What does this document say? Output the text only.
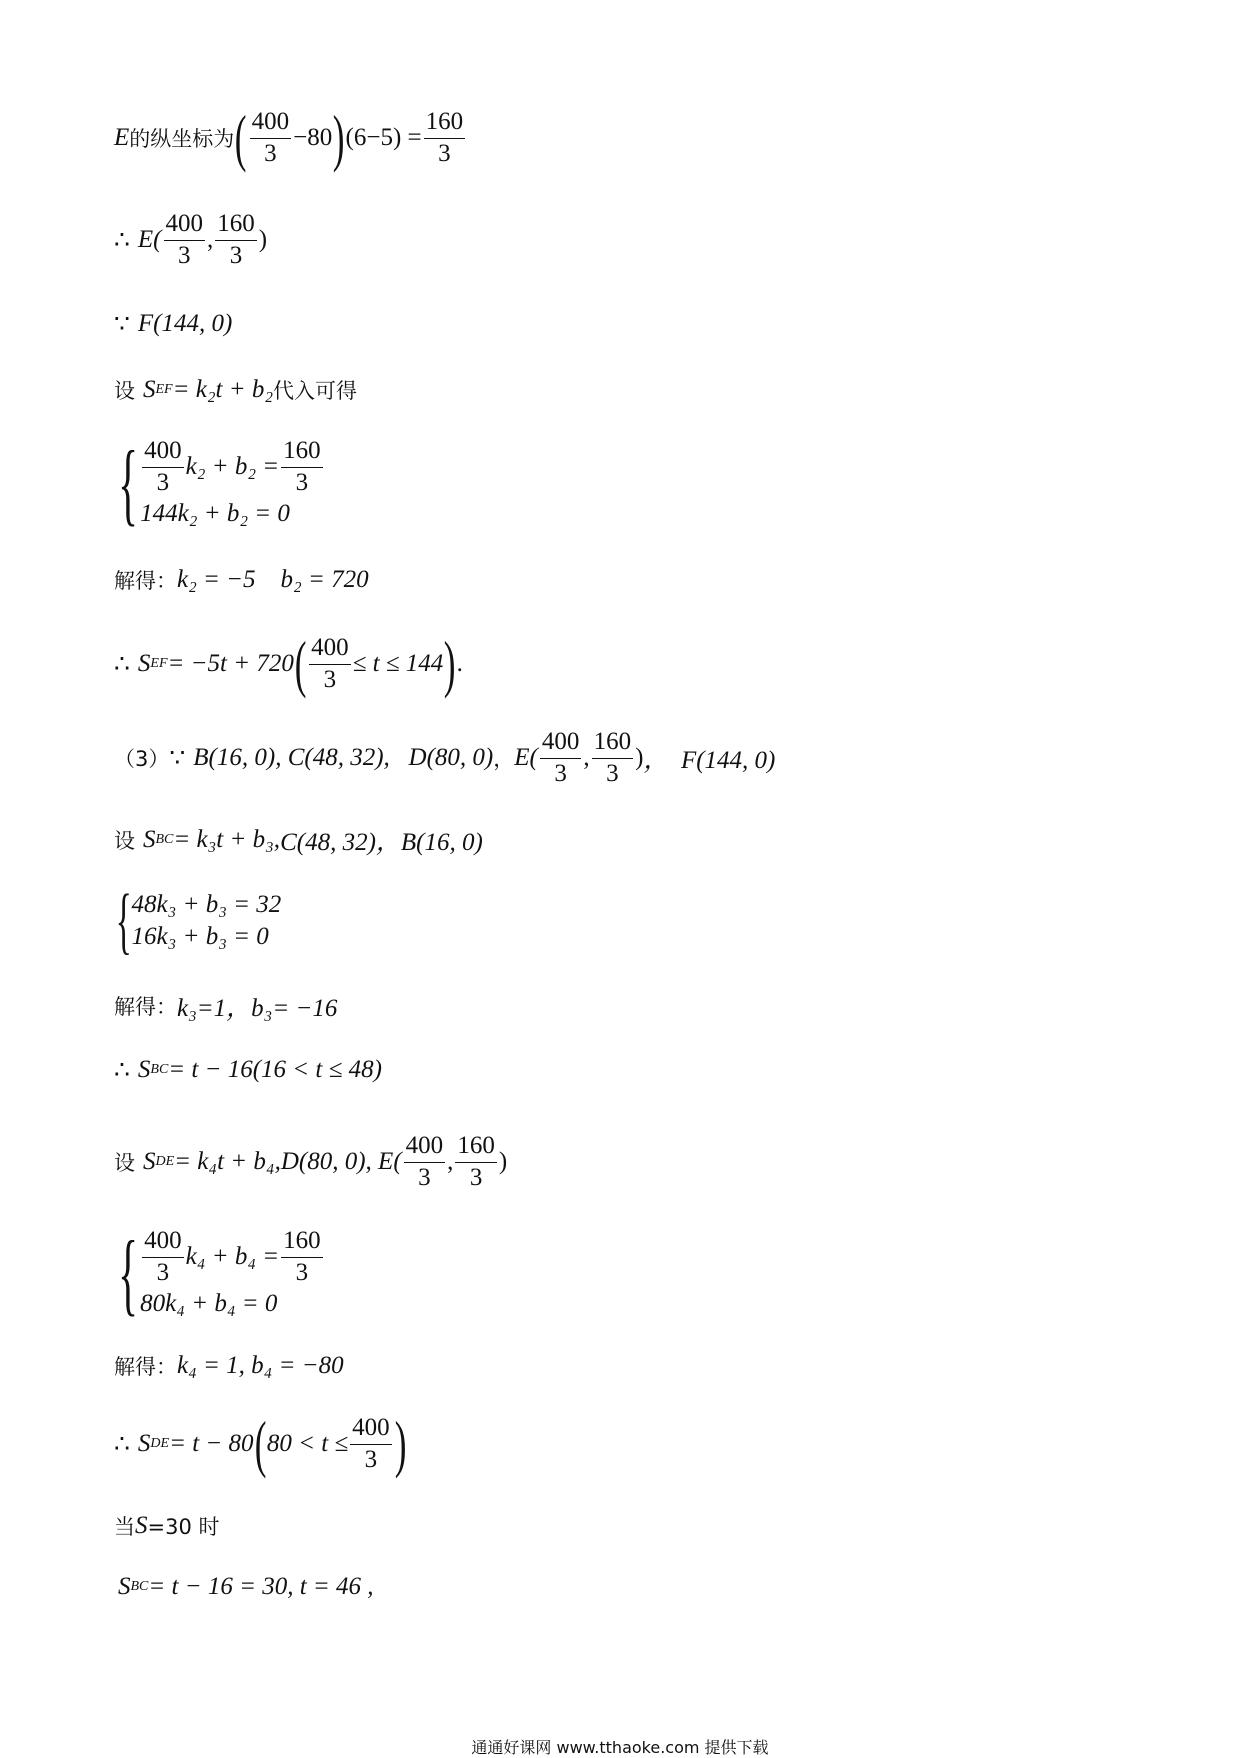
E 的纵坐标为 ( $\frac{400}{3} -80$ ) $(6-5) = \frac{160}{3}$
∴ $E( \frac{400}{3}$ , $\frac{160}{3}$ )
∵ F(144, 0)
设 S EF = k₂t + b₂ 代入可得
{ $\frac{400}{3} k_2 + b_2 = \frac{160}{3}$
144k₂ + b₂ = 0
解得： k₂ = −5    b₂ = 720
∴ S EF = −5t + 720 ( $\frac{400}{3} \le t \le 144$ ) .
（3） ∵ B(16, 0) , C(48, 32) ,   D(80, 0) ， $E( \frac{400}{3}$ , $\frac{160}{3}$ ) ，  F(144, 0)
设 S BC = k₃t + b₃, C(48, 32)，B(16, 0)
{ 48k₃ + b₃ = 32
16k₃ + b₃ = 0
解得： k₃=1，b₃= −16
∴ S BC = t − 16(16 < t ≤ 48)
设 S DE = k₄t + b₄, D(80, 0), $E( \frac{400}{3}$ , $\frac{160}{3}$ )
{ $\frac{400}{3} k_4 + b_4 = \frac{160}{3}$
80k₄ + b₄ = 0
解得： k₄ = 1, b₄ = −80
∴ S DE = t − 80 ( $80 < t \le \frac{400}{3}$ )
当 S =30 时
S BC = t − 16 = 30, t = 46 ,
通通好课网 www.tthaoke.com 提供下载
